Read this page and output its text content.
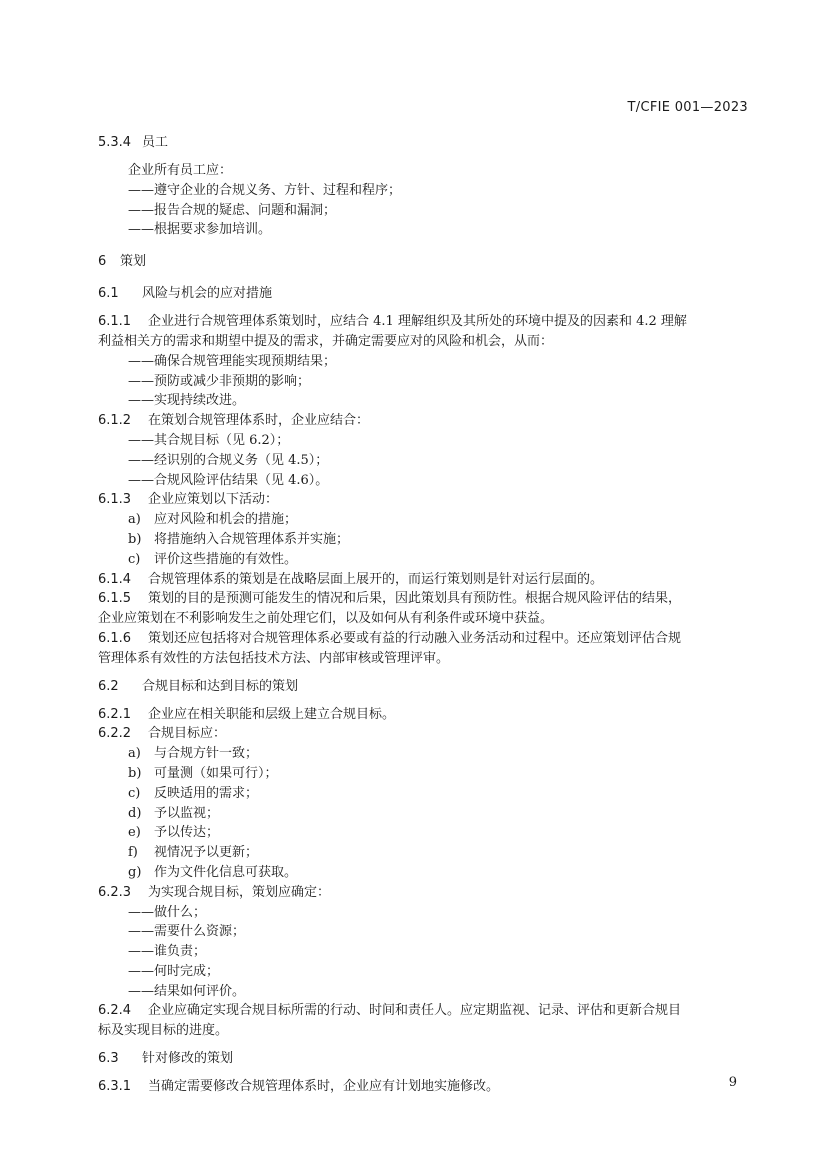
T/CFIE 001—2023
5.3.4 员工
企业所有员工应：
——遵守企业的合规义务、方针、过程和程序；
——报告合规的疑虑、问题和漏洞；
——根据要求参加培训。
6 策划
6.1 风险与机会的应对措施
6.1.1 企业进行合规管理体系策划时，应结合 4.1 理解组织及其所处的环境中提及的因素和 4.2 理解
利益相关方的需求和期望中提及的需求，并确定需要应对的风险和机会，从而：
——确保合规管理能实现预期结果；
——预防或减少非预期的影响；
——实现持续改进。
6.1.2 在策划合规管理体系时，企业应结合：
——其合规目标（见 6.2）；
——经识别的合规义务（见 4.5）；
——合规风险评估结果（见 4.6）。
6.1.3 企业应策划以下活动：
a) 应对风险和机会的措施；
b) 将措施纳入合规管理体系并实施；
c) 评价这些措施的有效性。
6.1.4 合规管理体系的策划是在战略层面上展开的，而运行策划则是针对运行层面的。
6.1.5 策划的目的是预测可能发生的情况和后果，因此策划具有预防性。根据合规风险评估的结果，
企业应策划在不利影响发生之前处理它们，以及如何从有利条件或环境中获益。
6.1.6 策划还应包括将对合规管理体系必要或有益的行动融入业务活动和过程中。还应策划评估合规
管理体系有效性的方法包括技术方法、内部审核或管理评审。
6.2 合规目标和达到目标的策划
6.2.1 企业应在相关职能和层级上建立合规目标。
6.2.2 合规目标应：
a) 与合规方针一致；
b) 可量测（如果可行）；
c) 反映适用的需求；
d) 予以监视；
e) 予以传达；
f) 视情况予以更新；
g) 作为文件化信息可获取。
6.2.3 为实现合规目标，策划应确定：
——做什么；
——需要什么资源；
——谁负责；
——何时完成；
——结果如何评价。
6.2.4 企业应确定实现合规目标所需的行动、时间和责任人。应定期监视、记录、评估和更新合规目
标及实现目标的进度。
6.3 针对修改的策划
6.3.1 当确定需要修改合规管理体系时，企业应有计划地实施修改。	9
